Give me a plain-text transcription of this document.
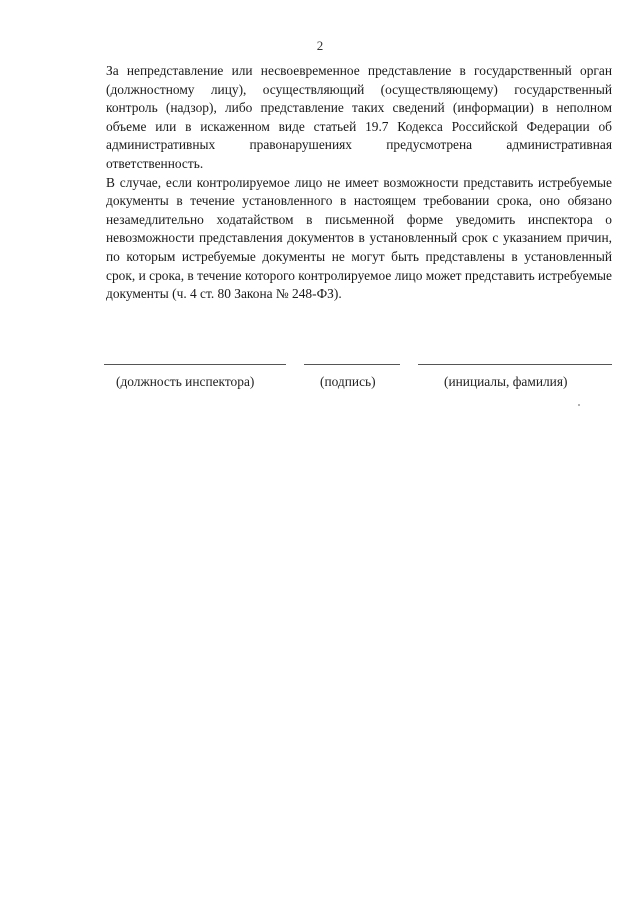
2

За непредставление или несвоевременное представление в государственный орган (должностному лицу), осуществляющий (осуществляющему) государственный контроль (надзор), либо представление таких сведений (информации) в неполном объеме или в искаженном виде статьей 19.7 Кодекса Российской Федерации об административных правонарушениях предусмотрена административная ответственность.

В случае, если контролируемое лицо не имеет возможности представить истребуемые документы в течение установленного в настоящем требовании срока, оно обязано незамедлительно ходатайством в письменной форме уведомить инспектора о невозможности представления документов в установленный срок с указанием причин, по которым истребуемые документы не могут быть представлены в установленный срок, и срока, в течение которого контролируемое лицо может представить истребуемые документы (ч. 4 ст. 80 Закона № 248-ФЗ).

(должность инспектора)	(подпись)	(инициалы, фамилия)
